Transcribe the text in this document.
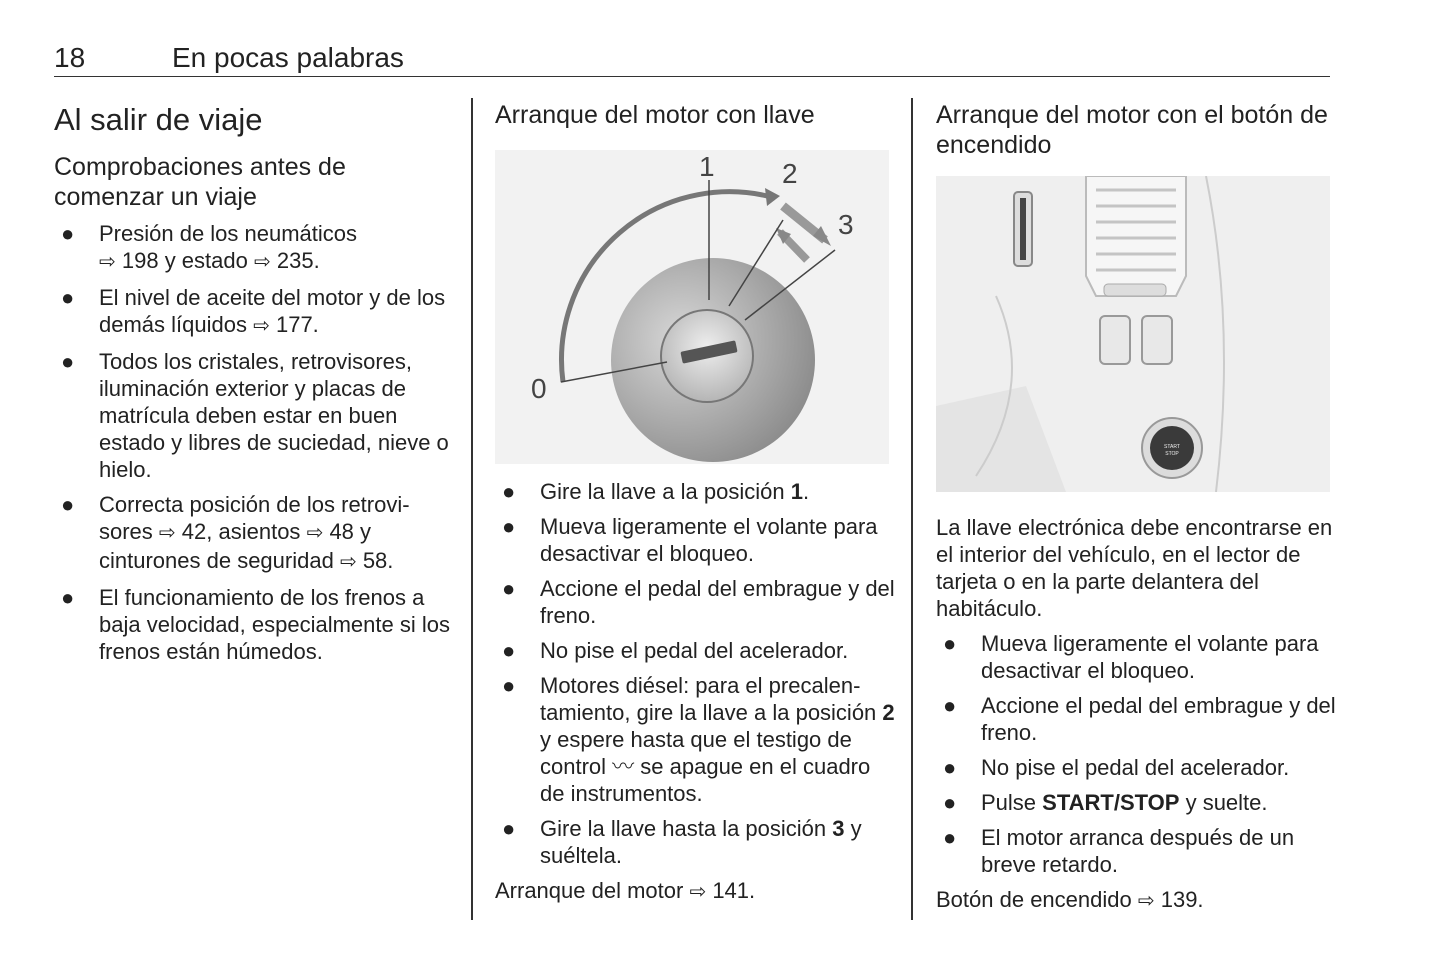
18	En pocas palabras
Al salir de viaje
Comprobaciones antes de comenzar un viaje
● Presión de los neumáticos
⇨ 198 y estado ⇨ 235.
● El nivel de aceite del motor y de los demás líquidos ⇨ 177.
● Todos los cristales, retrovisores, iluminación exterior y placas de matrícula deben estar en buen estado y libres de suciedad, nieve o hielo.
● Correcta posición de los retrovisores ⇨ 42, asientos ⇨ 48 y cinturones de seguridad ⇨ 58.
● El funcionamiento de los frenos a baja velocidad, especialmente si los frenos están húmedos.
Arranque del motor con llave
0
1 2
3
● Gire la llave a la posición 1.
● Mueva ligeramente el volante para desactivar el bloqueo.
● Accione el pedal del embrague y del freno.
● No pise el pedal del acelerador.
● Motores diésel: para el precalentamiento, gire la llave a la posición 2 y espere hasta que el testigo de control 〰 se apague en el cuadro de instrumentos.
● Gire la llave hasta la posición 3 y suéltela.

Arranque del motor ⇨ 141.

Arranque del motor con el botón de encendido
START
STOP

La llave electrónica debe encontrarse en el interior del vehículo, en el lector de tarjeta o en la parte delantera del habitáculo.

● Mueva ligeramente el volante para desactivar el bloqueo.
● Accione el pedal del embrague y del freno.
● No pise el pedal del acelerador.
● Pulse START/STOP y suelte.
● El motor arranca después de un breve retardo.

Botón de encendido ⇨ 139.
